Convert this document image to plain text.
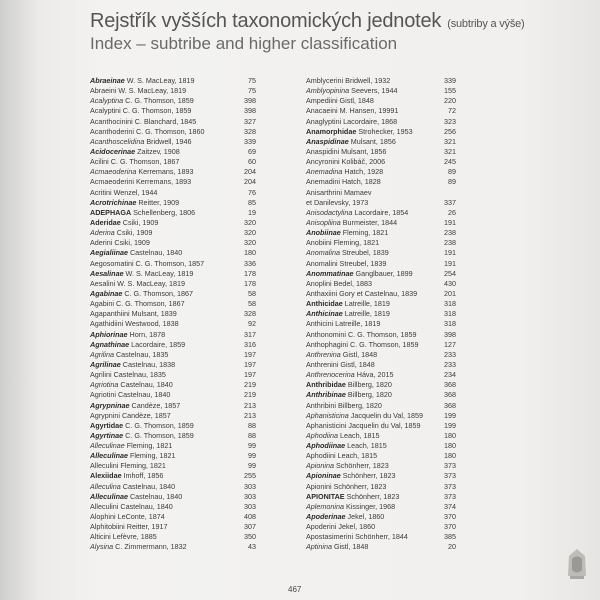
Rejstřík vyšších taxonomických jednotek (subtriby a výše)
Index – subtribe and higher classification
Abraeinae W. S. MacLeay, 1819	75
Abraeini W. S. MacLeay, 1819	75
Acalyptina C. G. Thomson, 1859	398
Acalyptini C. G. Thomson, 1859	398
Acanthocinini C. Blanchard, 1845	327
Acanthoderini C. G. Thomson, 1860	328
Acanthoscelidina Bridwell, 1946	339
Acidocerinae Zaitzev, 1908	69
Acilini C. G. Thomson, 1867	60
Acmaeoderina Kerremans, 1893	204
Acmaeoderini Kerremans, 1893	204
Acritini Wenzel, 1944	76
Acrotrichinae Reitter, 1909	85
ADEPHAGA Schellenberg, 1806	19
Aderidae Csiki, 1909	320
Aderina Csiki, 1909	320
Aderini Csiki, 1909	320
Aegialiinae Castelnau, 1840	180
Aegosomatini C. G. Thomson, 1857	336
Aesalinae W. S. MacLeay, 1819	178
Aesalini W. S. MacLeay, 1819	178
Agabinae C. G. Thomson, 1867	58
Agabini C. G. Thomson, 1867	58
Agapanthiini Mulsant, 1839	328
Agathidiini Westwood, 1838	92
Aphiorinae Horn, 1878	317
Agnathinae Lacordaire, 1859	316
Agrilina Castelnau, 1835	197
Agrilinae Castelnau, 1838	197
Agrilini Castelnau, 1835	197
Agriotina Castelnau, 1840	219
Agriotini Castelnau, 1840	219
Agrypninae Candèze, 1857	213
Agrypnini Candèze, 1857	213
Agyrtidae C. G. Thomson, 1859	88
Agyrtinae C. G. Thomson, 1859	88
Alleculinae Fleming, 1821	99
Alleculinae Fleming, 1821	99
Alleculini Fleming, 1821	99
Alexiidae Imhoff, 1856	255
Alleculina Castelnau, 1840	303
Alleculinae Castelnau, 1840	303
Alleculini Castelnau, 1840	303
Alophini LeConte, 1874	408
Alphitobiini Reitter, 1917	307
Alticini Lefèvre, 1885	350
Alysina C. Zimmermann, 1832	43
Amblycerini Bridwell, 1932	339
Amblyopinina Seevers, 1944	155
Ampediini Gistl, 1848	220
Anacaeini M. Hansen, 19991	72
Anaglyptini Lacordaire, 1868	323
Anamorphidae Strohecker, 1953	256
Anaspidinae Mulsant, 1856	321
Anaspidini Mulsant, 1856	321
Ancyronini Kolibáč, 2006	245
Anemadina Hatch, 1928	89
Anemadini Hatch, 1828	89
Anisarthrini Mamaev
et Danilevsky, 1973	337
Anisodactylina Lacordaire, 1854	26
Anisopliina Burmeister, 1844	191
Anobiinae Fleming, 1821	238
Anobiini Fleming, 1821	238
Anomalina Streubel, 1839	191
Anomalini Streubel, 1839	191
Anommatinae Ganglbauer, 1899	254
Anoplini Bedel, 1883	430
Anthaxiini Gory et Castelnau, 1839	201
Anthicidae Latreille, 1819	318
Anthicinae Latreille, 1819	318
Anthicini Latreille, 1819	318
Anthonomini C. G. Thomson, 1859	398
Anthophagini C. G. Thomson, 1859	127
Anthrenina Gistl, 1848	233
Anthrenini Gistl, 1848	233
Anthrenocerina Háva, 2015	234
Anthribidae Billberg, 1820	368
Anthribinae Billberg, 1820	368
Anthribini Billberg, 1820	368
Aphanisticina Jacquelin du Val, 1859	199
Aphanisticini Jacquelin du Val, 1859	199
Aphodiina Leach, 1815	180
Aphodiinae Leach, 1815	180
Aphodiini Leach, 1815	180
Apionina Schönherr, 1823	373
Apioninae Schönherr, 1823	373
Apionini Schönherr, 1823	373
APIONITAE Schönherr, 1823	373
Aplemonina Kissinger, 1968	374
Apoderinae Jekel, 1860	370
Apoderini Jekel, 1860	370
Apostasimerini Schönherr, 1844	385
Aptinina Gistl, 1848	20
467
